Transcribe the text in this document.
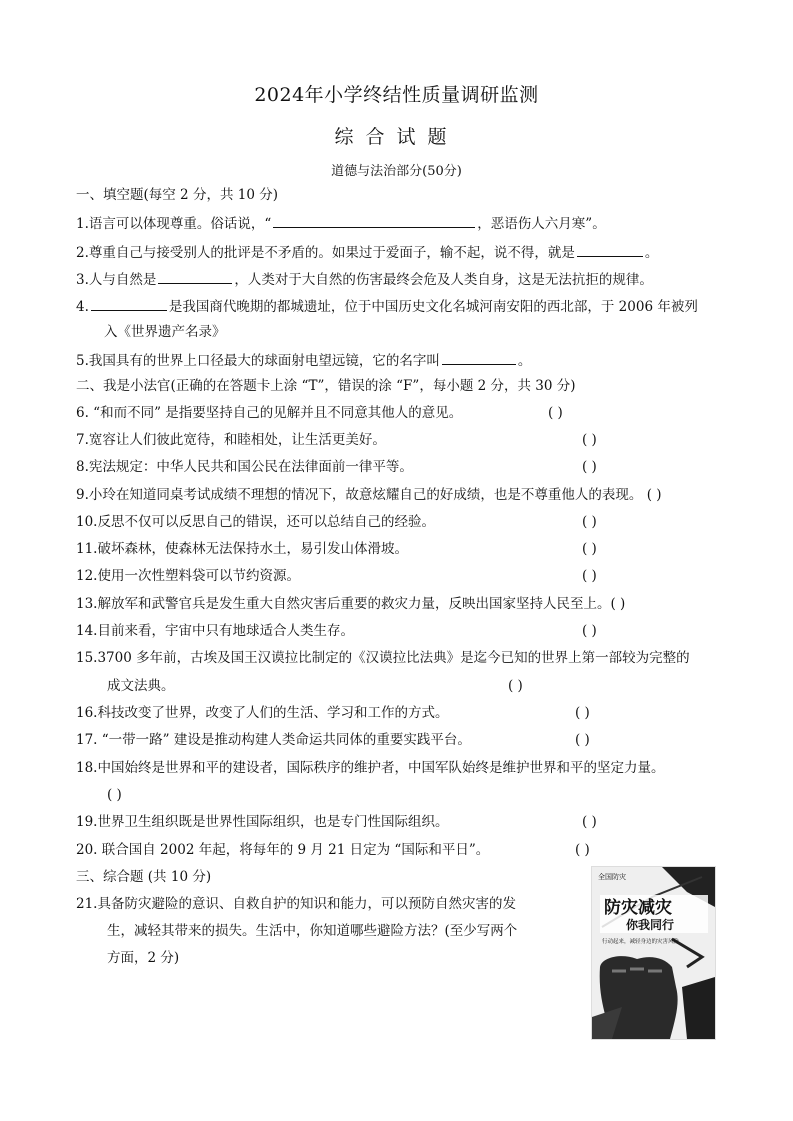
2024年小学终结性质量调研监测
综合试题
道德与法治部分(50分)
一、填空题(每空 2 分，共 10 分)
1.语言可以体现尊重。俗话说，“	，恶语伤人六月寒”。
2.尊重自己与接受别人的批评是不矛盾的。如果过于爱面子，输不起，说不得，就是	。
3.人与自然是	，人类对于大自然的伤害最终会危及人类自身，这是无法抗拒的规律。
4.	是我国商代晚期的都城遗址，位于中国历史文化名城河南安阳的西北部，于 2006 年被列
入《世界遗产名录》
5.我国具有的世界上口径最大的球面射电望远镜，它的名字叫	。
二、我是小法官(正确的在答题卡上涂 “T”，错误的涂 “F”，每小题 2 分，共 30 分)
6. “和而不同” 是指要坚持自己的见解并且不同意其他人的意见。	( )
7.宽容让人们彼此宽待，和睦相处，让生活更美好。	( )
8.宪法规定：中华人民共和国公民在法律面前一律平等。	( )
9.小玲在知道同桌考试成绩不理想的情况下，故意炫耀自己的好成绩，也是不尊重他人的表现。 ( )
10.反思不仅可以反思自己的错误，还可以总结自己的经验。	( )
11.破坏森林，使森林无法保持水土，易引发山体滑坡。	( )
12.使用一次性塑料袋可以节约资源。	( )
13.解放军和武警官兵是发生重大自然灾害后重要的救灾力量，反映出国家坚持人民至上。( )
14.目前来看，宇宙中只有地球适合人类生存。	( )
15.3700 多年前，古埃及国王汉谟拉比制定的《汉谟拉比法典》是迄今已知的世界上第一部较为完整的
成文法典。	( )
16.科技改变了世界，改变了人们的生活、学习和工作的方式。	( )
17. “一带一路” 建设是推动构建人类命运共同体的重要实践平台。	( )
18.中国始终是世界和平的建设者，国际秩序的维护者，中国军队始终是维护世界和平的坚定力量。
( )
19.世界卫生组织既是世界性国际组织，也是专门性国际组织。	( )
20. 联合国自 2002 年起，将每年的 9 月 21 日定为 “国际和平日”。	( )
三、综合题 (共 10 分)
21.具备防灾避险的意识、自救自护的知识和能力，可以预防自然灾害的发
生，减轻其带来的损失。生活中，你知道哪些避险方法？(至少写两个
方面，2 分)
全国防灾
防灾减灾
你我同行
行动起来，减轻身边的灾害风险
